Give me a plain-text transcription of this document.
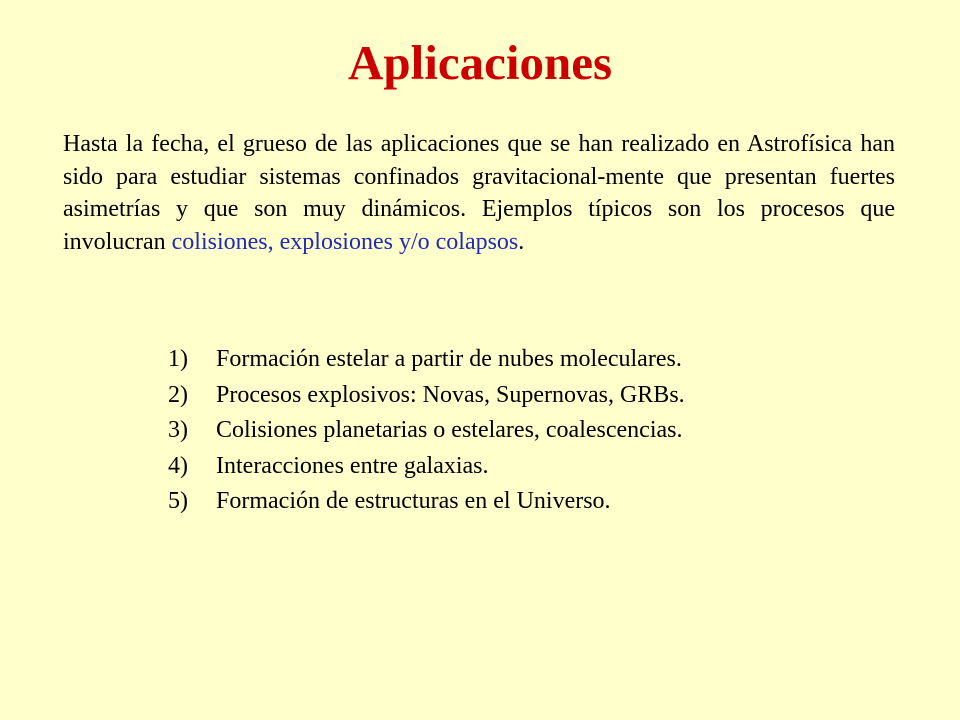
Aplicaciones

Hasta la fecha, el grueso de las aplicaciones que se han realizado en Astrofísica han sido para estudiar sistemas confinados gravitacional-mente que presentan fuertes asimetrías y que son muy dinámicos. Ejemplos típicos son los procesos que involucran colisiones, explosiones y/o colapsos.

1)	Formación estelar a partir de nubes moleculares.
2)	Procesos explosivos: Novas, Supernovas, GRBs.
3)	Colisiones planetarias o estelares, coalescencias.
4)	Interacciones entre galaxias.
5)	Formación de estructuras en el Universo.
